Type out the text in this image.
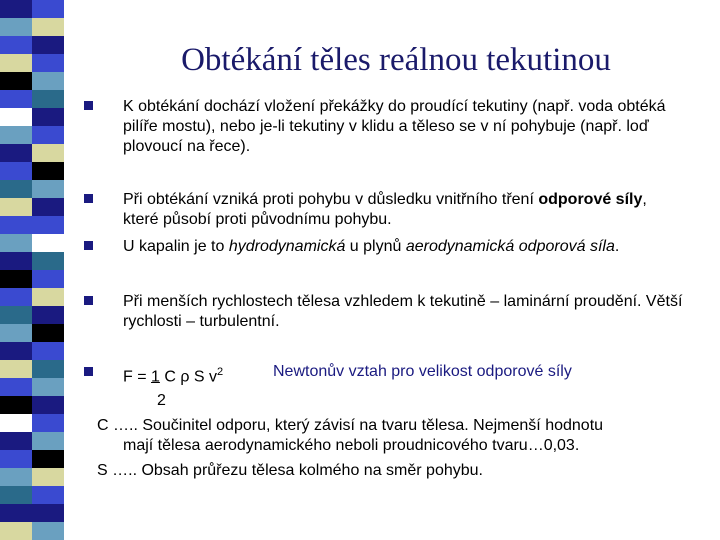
Obtékání těles reálnou tekutinou
K obtékání dochází vložení překážky do proudící tekutiny (např. voda obtéká pilíře mostu), nebo je-li tekutiny v klidu a těleso se v ní pohybuje (např. loď plovoucí na řece).
Při obtékání vzniká proti pohybu v důsledku vnitřního tření odporové síly, které působí proti původnímu pohybu.
U kapalin je to hydrodynamická u plynů aerodynamická odporová síla.
Při menších rychlostech tělesa vzhledem k tekutině – laminární proudění. Větší rychlosti – turbulentní.
F = 1 C ρ S $v^2$	Newtonův vztah pro velikost odporové síly
2
C ….. Součinitel odporu, který závisí na tvaru tělesa. Nejmenší hodnotu
mají tělesa aerodynamického neboli proudnicového tvaru…0,03.
S ….. Obsah průřezu tělesa kolmého na směr pohybu.
